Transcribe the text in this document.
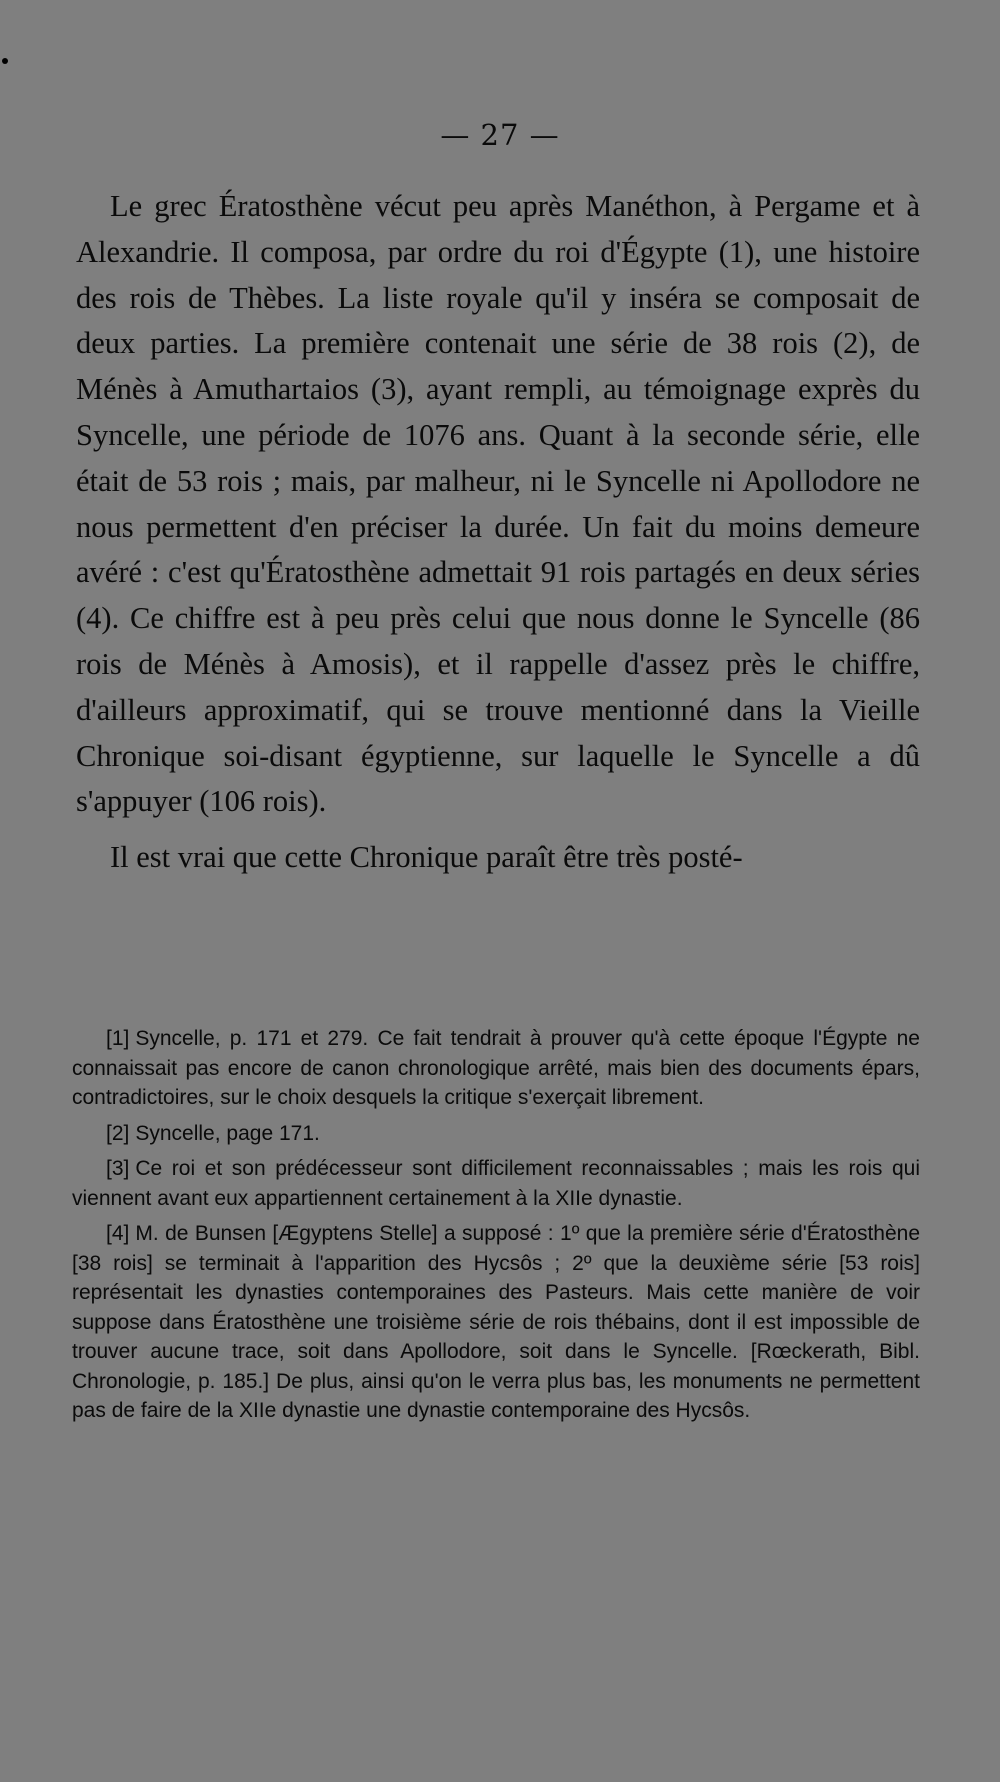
— 27 —

Le grec Ératosthène vécut peu après Manéthon, à Pergame et à Alexandrie. Il composa, par ordre du roi d'Égypte (1), une histoire des rois de Thèbes. La liste royale qu'il y inséra se composait de deux parties. La première contenait une série de 38 rois (2), de Ménès à Amuthartaios (3), ayant rempli, au témoignage exprès du Syncelle, une période de 1076 ans. Quant à la seconde série, elle était de 53 rois ; mais, par malheur, ni le Syncelle ni Apollodore ne nous permettent d'en préciser la durée. Un fait du moins demeure avéré : c'est qu'Ératosthène admettait 91 rois partagés en deux séries (4). Ce chiffre est à peu près celui que nous donne le Syncelle (86 rois de Ménès à Amosis), et il rappelle d'assez près le chiffre, d'ailleurs approximatif, qui se trouve mentionné dans la Vieille Chronique soi-disant égyptienne, sur laquelle le Syncelle a dû s'appuyer (106 rois).

Il est vrai que cette Chronique paraît être très posté-

[1] Syncelle, p. 171 et 279. Ce fait tendrait à prouver qu'à cette époque l'Égypte ne connaissait pas encore de canon chronologique arrêté, mais bien des documents épars, contradictoires, sur le choix desquels la critique s'exerçait librement.

[2] Syncelle, page 171.

[3] Ce roi et son prédécesseur sont difficilement reconnaissables ; mais les rois qui viennent avant eux appartiennent certainement à la XIIe dynastie.

[4] M. de Bunsen [Ægyptens Stelle] a supposé : 1º que la première série d'Ératosthène [38 rois] se terminait à l'apparition des Hycsôs ; 2º que la deuxième série [53 rois] représentait les dynasties contemporaines des Pasteurs. Mais cette manière de voir suppose dans Ératosthène une troisième série de rois thébains, dont il est impossible de trouver aucune trace, soit dans Apollodore, soit dans le Syncelle. [Rœckerath, Bibl. Chronologie, p. 185.] De plus, ainsi qu'on le verra plus bas, les monuments ne permettent pas de faire de la XIIe dynastie une dynastie contemporaine des Hycsôs.
